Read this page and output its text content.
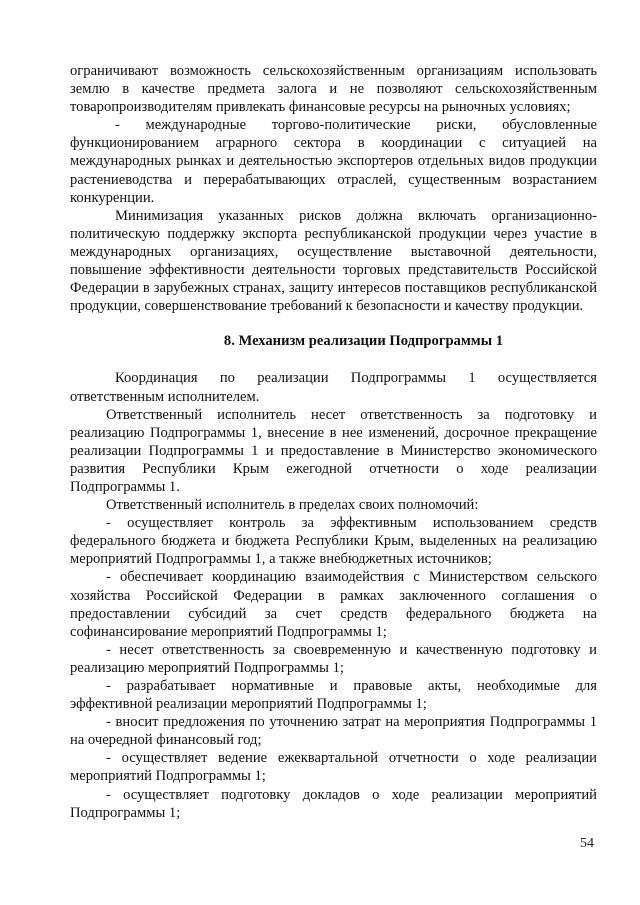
ограничивают возможность сельскохозяйственным организациям использовать землю в качестве предмета залога и не позволяют сельскохозяйственным товаропроизводителям привлекать финансовые ресурсы на рыночных условиях;

- международные торгово-политические риски, обусловленные функционированием аграрного сектора в координации с ситуацией на международных рынках и деятельностью экспортеров отдельных видов продукции растениеводства и перерабатывающих отраслей, существенным возрастанием конкуренции.

Минимизация указанных рисков должна включать организационно-политическую поддержку экспорта республиканской продукции через участие в международных организациях, осуществление выставочной деятельности, повышение эффективности деятельности торговых представительств Российской Федерации в зарубежных странах, защиту интересов поставщиков республиканской продукции, совершенствование требований к безопасности и качеству продукции.

8. Механизм реализации Подпрограммы 1

Координация по реализации Подпрограммы 1 осуществляется ответственным исполнителем.

Ответственный исполнитель несет ответственность за подготовку и реализацию Подпрограммы 1, внесение в нее изменений, досрочное прекращение реализации Подпрограммы 1 и предоставление в Министерство экономического развития Республики Крым ежегодной отчетности о ходе реализации Подпрограммы 1.

Ответственный исполнитель в пределах своих полномочий:

- осуществляет контроль за эффективным использованием средств федерального бюджета и бюджета Республики Крым, выделенных на реализацию мероприятий Подпрограммы 1, а также внебюджетных источников;

- обеспечивает координацию взаимодействия с Министерством сельского хозяйства Российской Федерации в рамках заключенного соглашения о предоставлении субсидий за счет средств федерального бюджета на софинансирование мероприятий Подпрограммы 1;

- несет ответственность за своевременную и качественную подготовку и реализацию мероприятий Подпрограммы 1;

- разрабатывает нормативные и правовые акты, необходимые для эффективной реализации мероприятий Подпрограммы 1;

- вносит предложения по уточнению затрат на мероприятия Подпрограммы 1 на очередной финансовый год;

- осуществляет ведение ежеквартальной отчетности о ходе реализации мероприятий Подпрограммы 1;

- осуществляет подготовку докладов о ходе реализации мероприятий Подпрограммы 1;

54
